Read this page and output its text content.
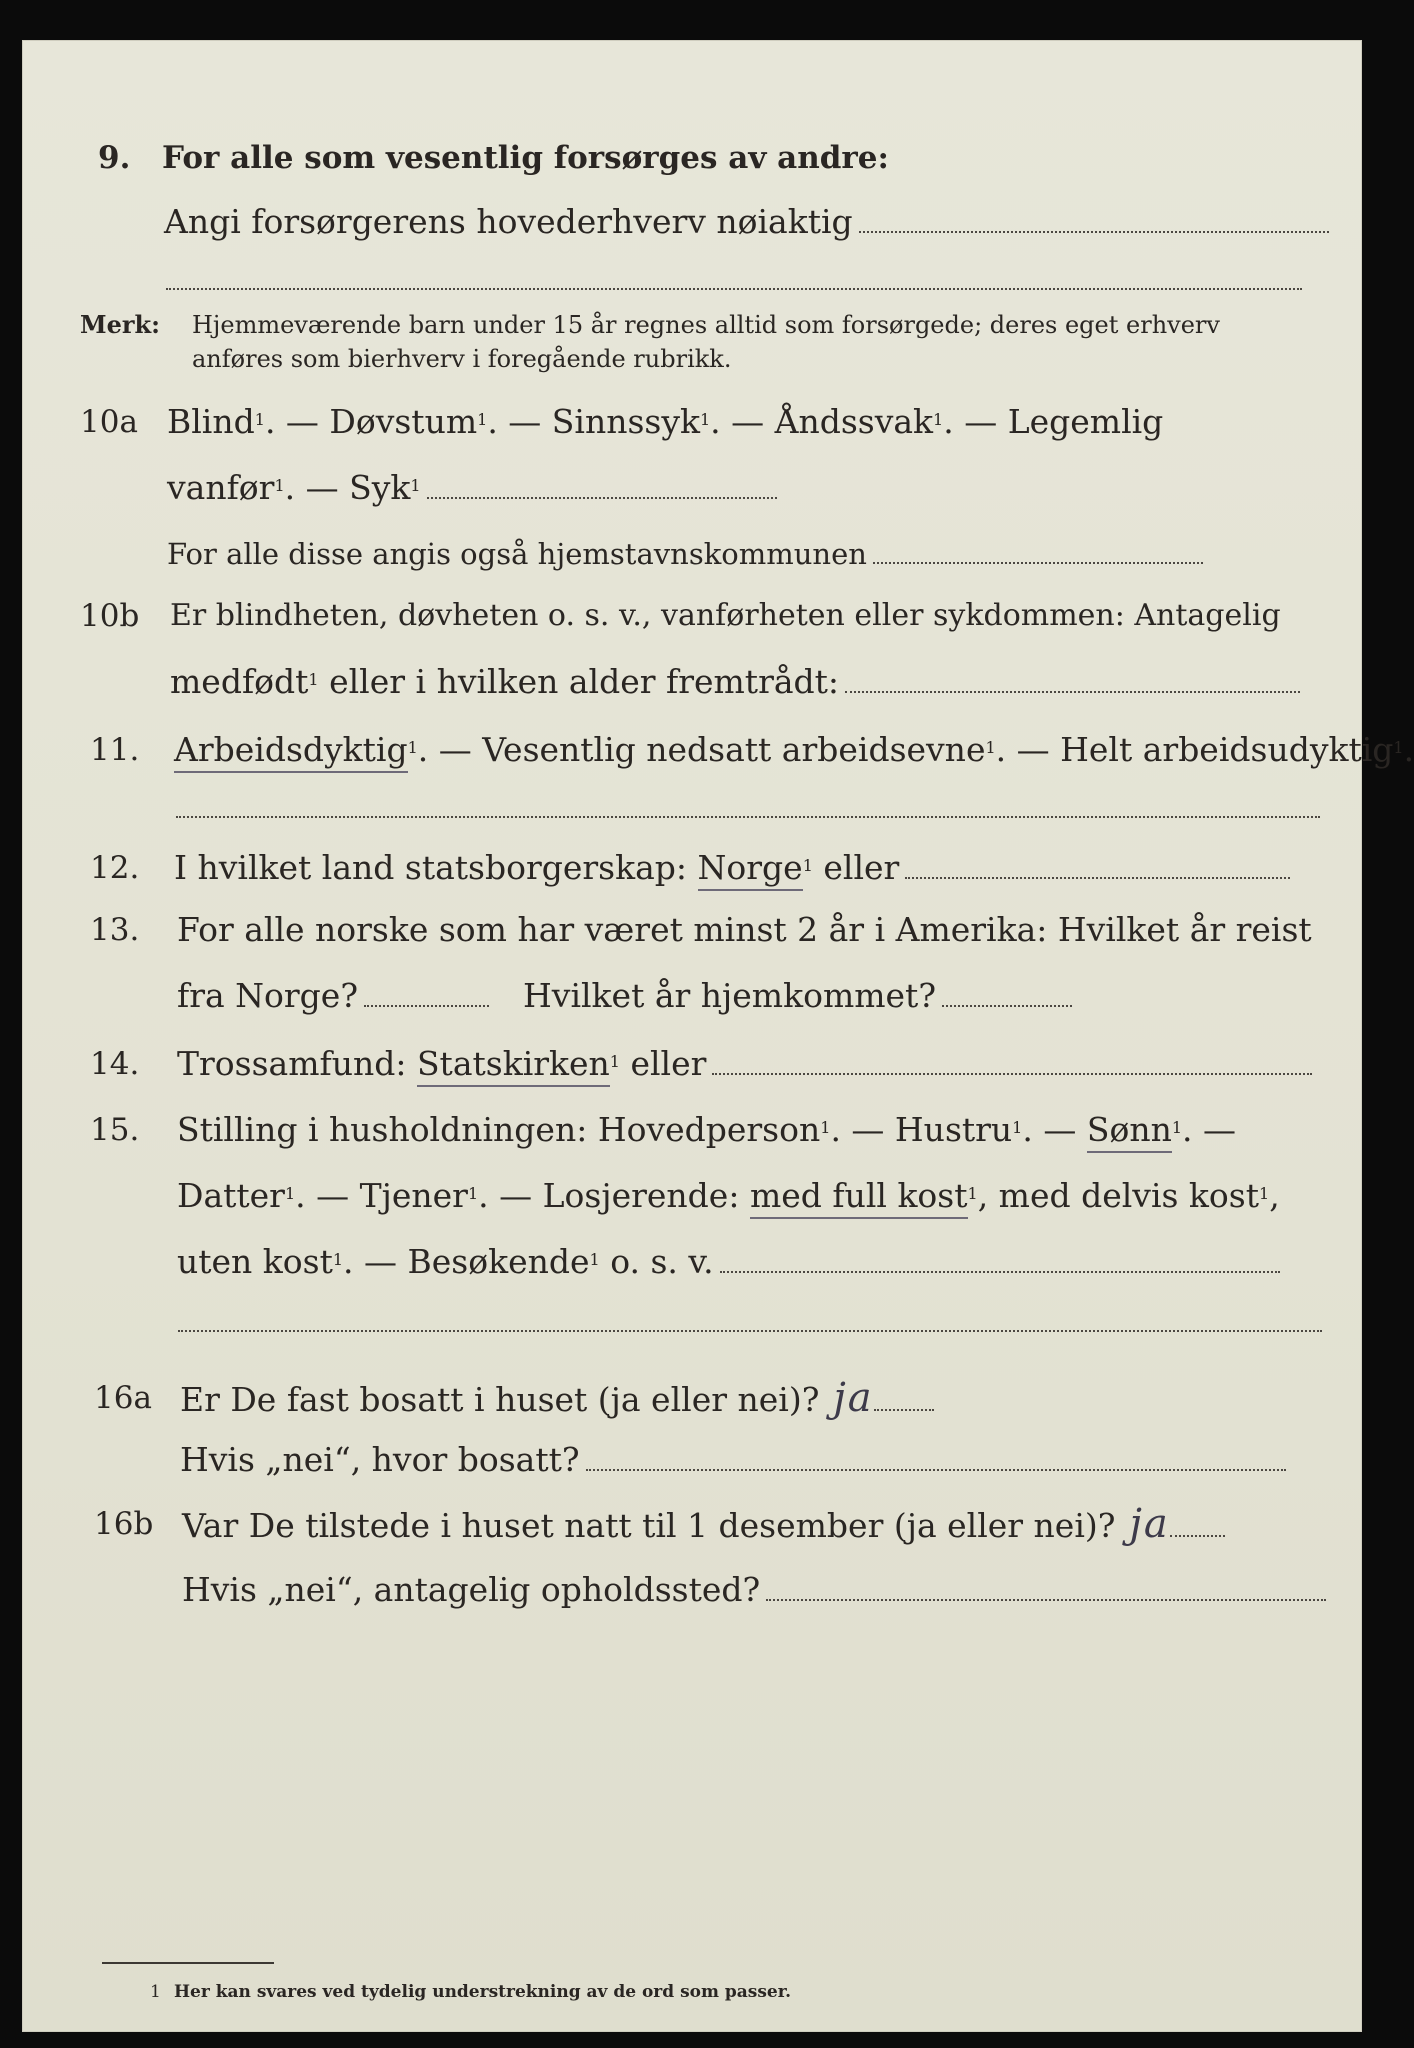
9. For alle som vesentlig forsørges av andre:
Angi forsørgerens hovederhverv nøiaktig
Merk: Hjemmeværende barn under 15 år regnes alltid som forsørgede; deres eget erhverv
anføres som bierhverv i foregående rubrikk.
10a Blind$^1$. — Døvstum$^1$. — Sinnssyk$^1$. — Åndssvak$^1$. — Legemlig
vanfør$^1$. — Syk$^1$
For alle disse angis også hjemstavnskommunen
10b Er blindheten, døvheten o. s. v., vanførheten eller sykdommen: Antagelig
medfødt$^1$ eller i hvilken alder fremtrådt:
11. Arbeidsdyktig$^1$. — Vesentlig nedsatt arbeidsevne$^1$. — Helt arbeidsudyktig$^1$.
12. I hvilket land statsborgerskap: Norge$^1$ eller
13. For alle norske som har været minst 2 år i Amerika: Hvilket år reist
fra Norge?	Hvilket år hjemkommet?
14. Trossamfund: Statskirken$^1$ eller
15. Stilling i husholdningen: Hovedperson$^1$. — Hustru$^1$. — Sønn$^1$. —
Datter$^1$. — Tjener$^1$. — Losjerende: med full kost$^1$, med delvis kost$^1$,
uten kost$^1$. — Besøkende$^1$ o. s. v.
16a Er De fast bosatt i huset (ja eller nei)? ja
Hvis „nei“, hvor bosatt?
16b Var De tilstede i huset natt til 1 desember (ja eller nei)? ja
Hvis „nei“, antagelig opholdssted?
1 Her kan svares ved tydelig understrekning av de ord som passer.
